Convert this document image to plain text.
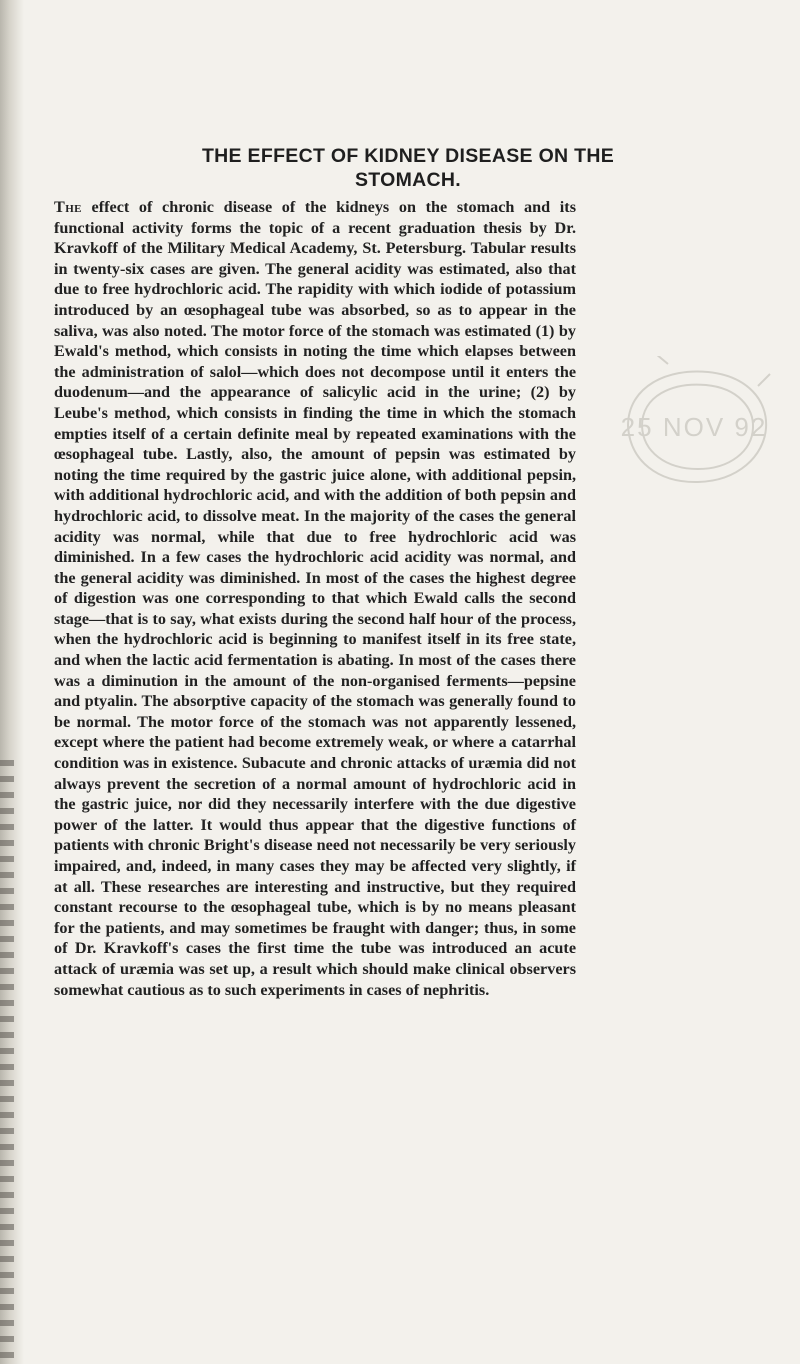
THE EFFECT OF KIDNEY DISEASE ON THE
STOMACH.

The effect of chronic disease of the kidneys on the stomach and its functional activity forms the topic of a recent graduation thesis by Dr. Kravkoff of the Military Medical Academy, St. Petersburg. Tabular results in twenty-six cases are given. The general acidity was estimated, also that due to free hydrochloric acid. The rapidity with which iodide of potassium introduced by an œsophageal tube was absorbed, so as to appear in the saliva, was also noted. The motor force of the stomach was estimated (1) by Ewald's method, which consists in noting the time which elapses between the administration of salol—which does not decompose until it enters the duodenum—and the appearance of salicylic acid in the urine; (2) by Leube's method, which consists in finding the time in which the stomach empties itself of a certain definite meal by repeated examinations with the œsophageal tube. Lastly, also, the amount of pepsin was estimated by noting the time required by the gastric juice alone, with additional pepsin, with additional hydrochloric acid, and with the addition of both pepsin and hydrochloric acid, to dissolve meat. In the majority of the cases the general acidity was normal, while that due to free hydrochloric acid was diminished. In a few cases the hydrochloric acid acidity was normal, and the general acidity was diminished. In most of the cases the highest degree of digestion was one corresponding to that which Ewald calls the second stage—that is to say, what exists during the second half hour of the process, when the hydrochloric acid is beginning to manifest itself in its free state, and when the lactic acid fermentation is abating. In most of the cases there was a diminution in the amount of the non-organised ferments—pepsine and ptyalin. The absorptive capacity of the stomach was generally found to be normal. The motor force of the stomach was not apparently lessened, except where the patient had become extremely weak, or where a catarrhal condition was in existence. Subacute and chronic attacks of uræmia did not always prevent the secretion of a normal amount of hydrochloric acid in the gastric juice, nor did they necessarily interfere with the due digestive power of the latter. It would thus appear that the digestive functions of patients with chronic Bright's disease need not necessarily be very seriously impaired, and, indeed, in many cases they may be affected very slightly, if at all. These researches are interesting and instructive, but they required constant recourse to the œsophageal tube, which is by no means pleasant for the patients, and may sometimes be fraught with danger; thus, in some of Dr. Kravkoff's cases the first time the tube was introduced an acute attack of uræmia was set up, a result which should make clinical observers somewhat cautious as to such experiments in cases of nephritis.

25 NOV 92
